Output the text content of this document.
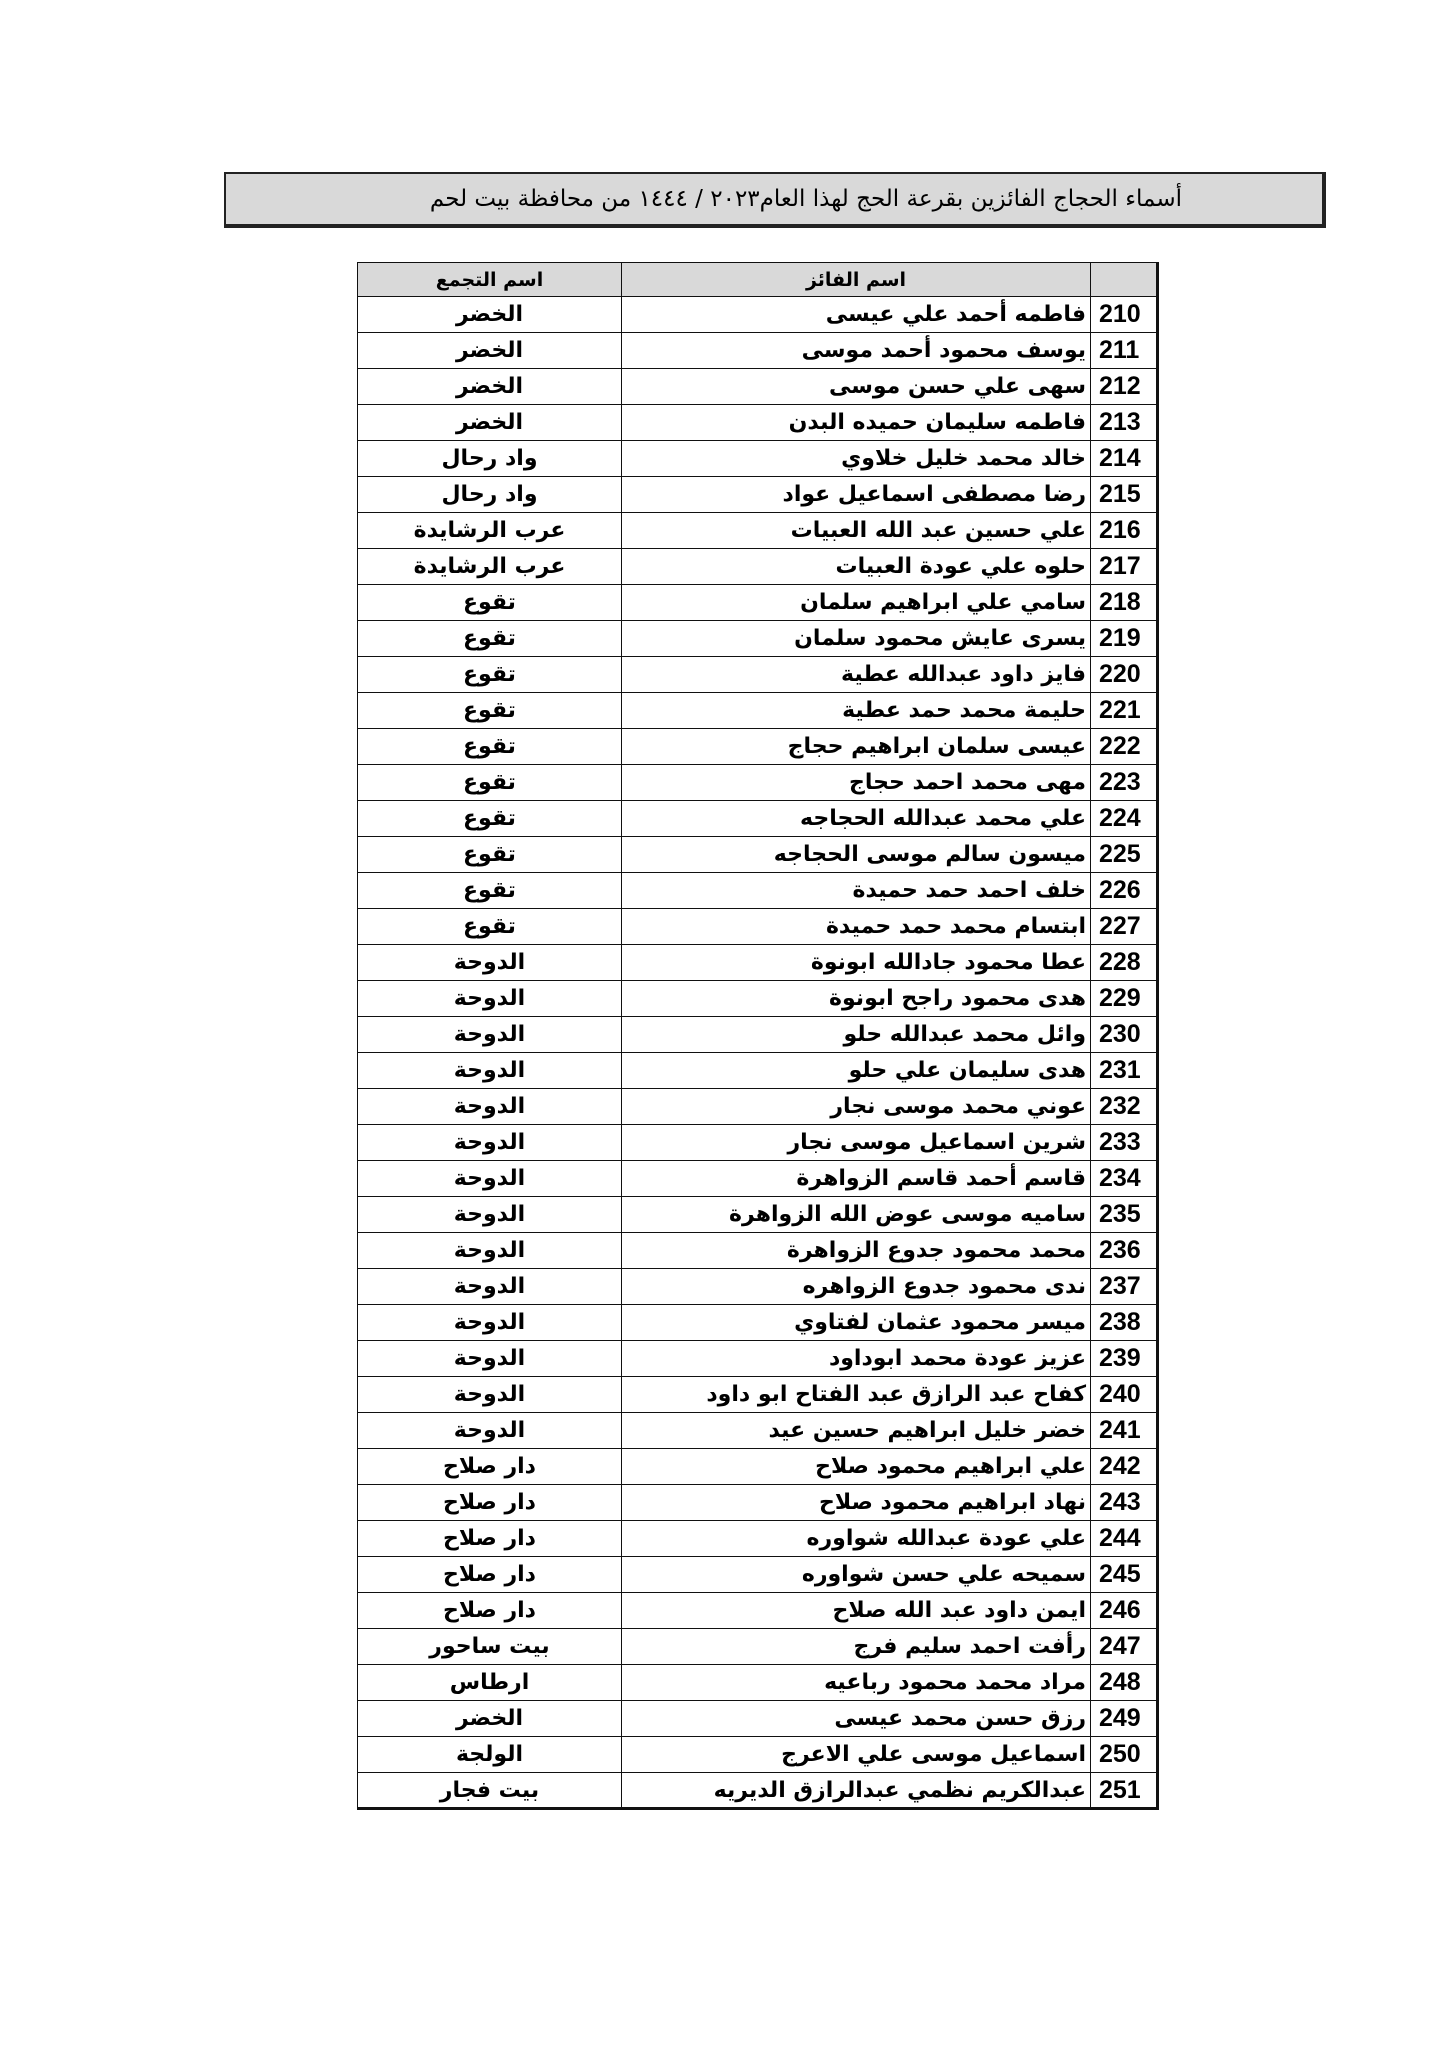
أسماء الحجاج الفائزين بقرعة الحج لهذا العام٢٠٢٣ / ١٤٤٤ من محافظة بيت لحم
اسم التجمع	اسم الفائز	
الخضر	فاطمه أحمد علي عيسى	210
الخضر	يوسف محمود أحمد موسى	211
الخضر	سهى علي حسن موسى	212
الخضر	فاطمه سليمان حميده البدن	213
واد رحال	خالد محمد خليل خلاوي	214
واد رحال	رضا مصطفى اسماعيل عواد	215
عرب الرشايدة	علي حسين عبد الله العبيات	216
عرب الرشايدة	حلوه علي عودة العبيات	217
تقوع	سامي علي ابراهيم سلمان	218
تقوع	يسرى عايش محمود سلمان	219
تقوع	فايز داود عبدالله عطية	220
تقوع	حليمة محمد حمد عطية	221
تقوع	عيسى سلمان ابراهيم حجاج	222
تقوع	مهى محمد احمد حجاج	223
تقوع	علي محمد عبدالله الحجاجه	224
تقوع	ميسون سالم موسى الحجاجه	225
تقوع	خلف احمد حمد حميدة	226
تقوع	ابتسام محمد حمد حميدة	227
الدوحة	عطا محمود جادالله ابونوة	228
الدوحة	هدى محمود راجح ابونوة	229
الدوحة	وائل محمد عبدالله حلو	230
الدوحة	هدى سليمان علي حلو	231
الدوحة	عوني محمد موسى نجار	232
الدوحة	شرين اسماعيل موسى نجار	233
الدوحة	قاسم أحمد قاسم الزواهرة	234
الدوحة	ساميه موسى عوض الله الزواهرة	235
الدوحة	محمد محمود جدوع الزواهرة	236
الدوحة	ندى محمود جدوع الزواهره	237
الدوحة	ميسر محمود عثمان لفتاوي	238
الدوحة	عزيز عودة محمد ابوداود	239
الدوحة	كفاح عبد الرازق عبد الفتاح ابو داود	240
الدوحة	خضر خليل ابراهيم حسين عيد	241
دار صلاح	علي ابراهيم محمود صلاح	242
دار صلاح	نهاد ابراهيم محمود صلاح	243
دار صلاح	علي عودة عبدالله شواوره	244
دار صلاح	سميحه علي حسن شواوره	245
دار صلاح	ايمن داود عبد الله صلاح	246
بيت ساحور	رأفت احمد سليم فرج	247
ارطاس	مراد محمد محمود رباعيه	248
الخضر	رزق حسن محمد عيسى	249
الولجة	اسماعيل موسى علي الاعرج	250
بيت فجار	عبدالكريم نظمي عبدالرازق الديريه	251
